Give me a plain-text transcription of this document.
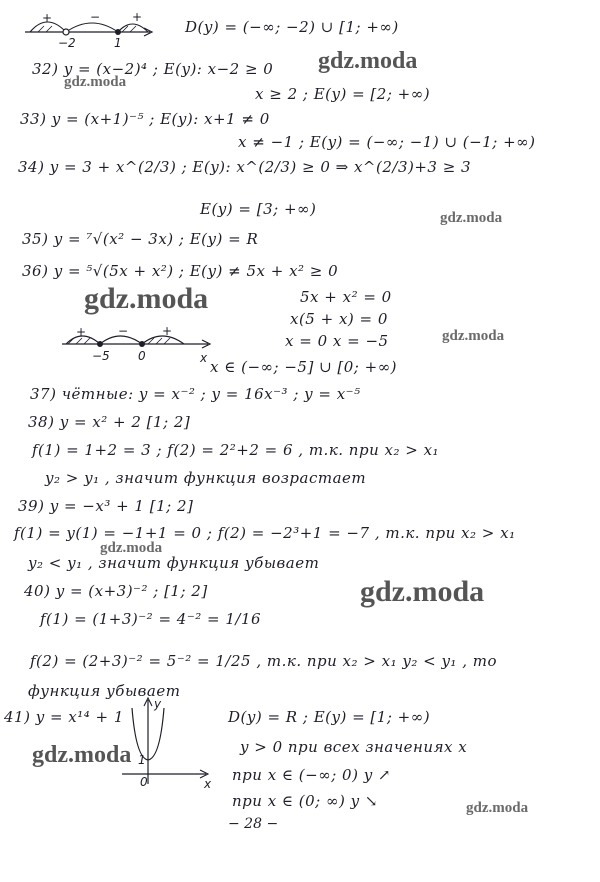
+	−	+
−2	1
D(y) = (−∞; −2) ∪ [1; +∞)
32) y = (x−2)⁴ ; E(y): x−2 ≥ 0
x ≥ 2 ; E(y) = [2; +∞)
33) y = (x+1)⁻⁵ ; E(y): x+1 ≠ 0
x ≠ −1 ; E(y) = (−∞; −1) ∪ (−1; +∞)
34) y = 3 + x^(2/3) ; E(y): x^(2/3) ≥ 0 ⇒ x^(2/3)+3 ≥ 3
E(y) = [3; +∞)
35) y = ⁷√(x² − 3x) ; E(y) = R
36) y = ⁵√(5x + x²) ; E(y) ≠ 5x + x² ≥ 0
5x + x² = 0
x(5 + x) = 0
+	−	+
−5 0	x
x = 0 x = −5
x ∈ (−∞; −5] ∪ [0; +∞)
37) чётные: y = x⁻² ; y = 16x⁻³ ; y = x⁻⁵
38) y = x² + 2 [1; 2]
f(1) = 1+2 = 3 ; f(2) = 2²+2 = 6 , т.к. при x₂ > x₁
y₂ > y₁ , значит функция возрастает
39) y = −x³ + 1 [1; 2]
f(1) = y(1) = −1+1 = 0 ; f(2) = −2³+1 = −7 , т.к. при x₂ > x₁
y₂ < y₁ , значит функция убывает
40) y = (x+3)⁻² ; [1; 2]
f(1) = (1+3)⁻² = 4⁻² = 1/16
f(2) = (2+3)⁻² = 5⁻² = 1/25 , т.к. при x₂ > x₁ y₂ < y₁ , то
функция убывает
41) y = x¹⁴ + 1
y
x
0
1
D(y) = R ; E(y) = [1; +∞)
y > 0 при всех значениях x
при x ∈ (−∞; 0) y ↗
при x ∈ (0; ∞) y ↘
− 28 −
gdz.moda
gdz.moda
gdz.moda
gdz.moda
gdz.moda
gdz.moda
gdz.moda
gdz.moda
gdz.moda
